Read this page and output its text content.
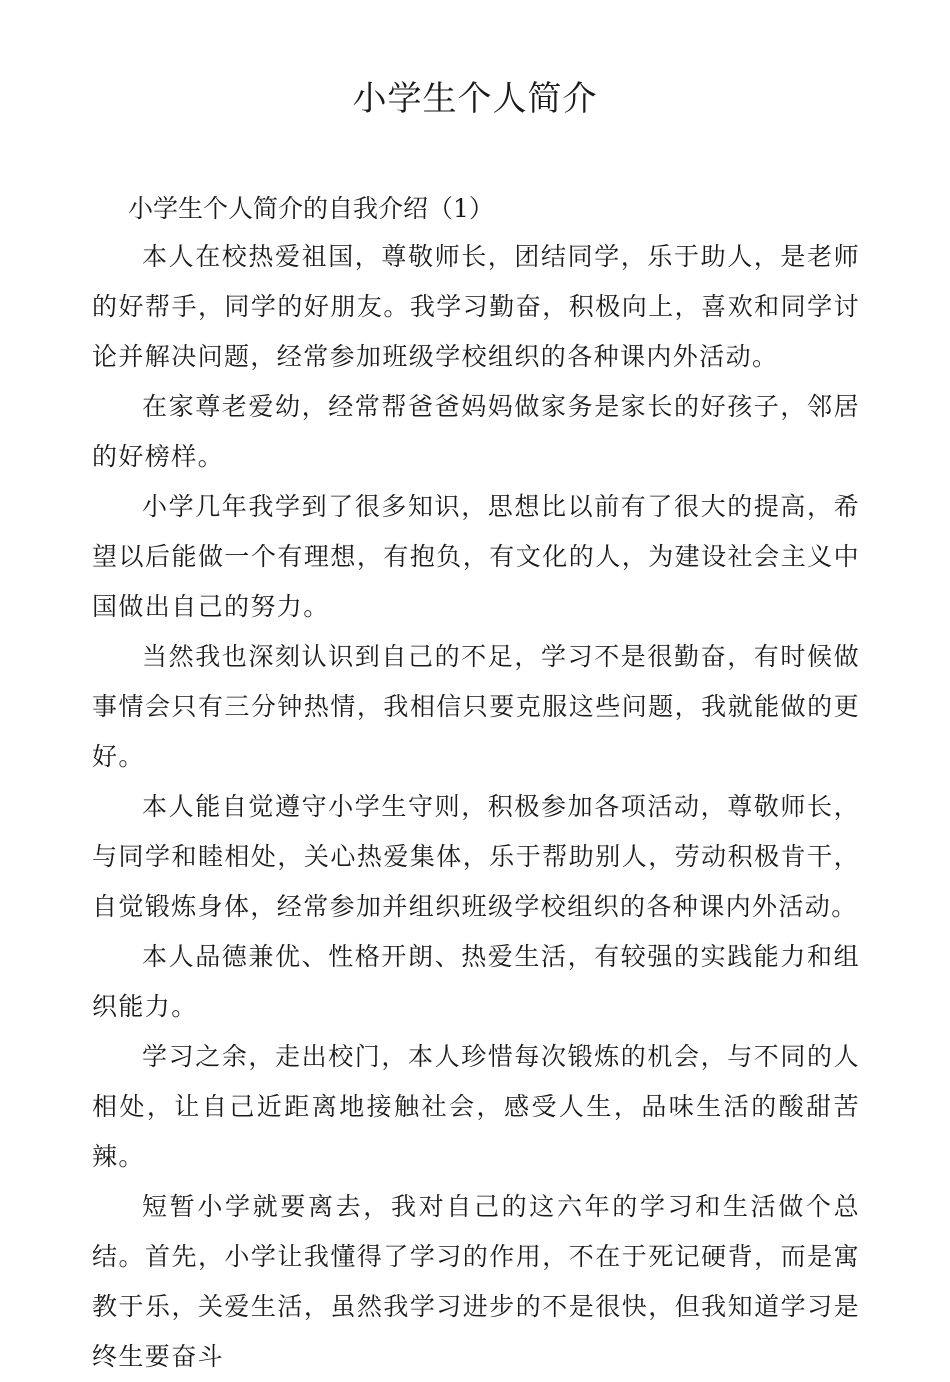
小学生个人简介

小学生个人简介的自我介绍（1）

本人在校热爱祖国，尊敬师长，团结同学，乐于助人，是老师的好帮手，同学的好朋友。我学习勤奋，积极向上，喜欢和同学讨论并解决问题，经常参加班级学校组织的各种课内外活动。

在家尊老爱幼，经常帮爸爸妈妈做家务是家长的好孩子，邻居的好榜样。

小学几年我学到了很多知识，思想比以前有了很大的提高，希望以后能做一个有理想，有抱负，有文化的人，为建设社会主义中国做出自己的努力。

当然我也深刻认识到自己的不足，学习不是很勤奋，有时候做事情会只有三分钟热情，我相信只要克服这些问题，我就能做的更好。

本人能自觉遵守小学生守则，积极参加各项活动，尊敬师长，与同学和睦相处，关心热爱集体，乐于帮助别人，劳动积极肯干，自觉锻炼身体，经常参加并组织班级学校组织的各种课内外活动。

本人品德兼优、性格开朗、热爱生活，有较强的实践能力和组织能力。

学习之余，走出校门，本人珍惜每次锻炼的机会，与不同的人相处，让自己近距离地接触社会，感受人生，品味生活的酸甜苦辣。

短暂小学就要离去，我对自己的这六年的学习和生活做个总结。首先，小学让我懂得了学习的作用，不在于死记硬背，而是寓教于乐，关爱生活，虽然我学习进步的不是很快，但我知道学习是终生要奋斗
